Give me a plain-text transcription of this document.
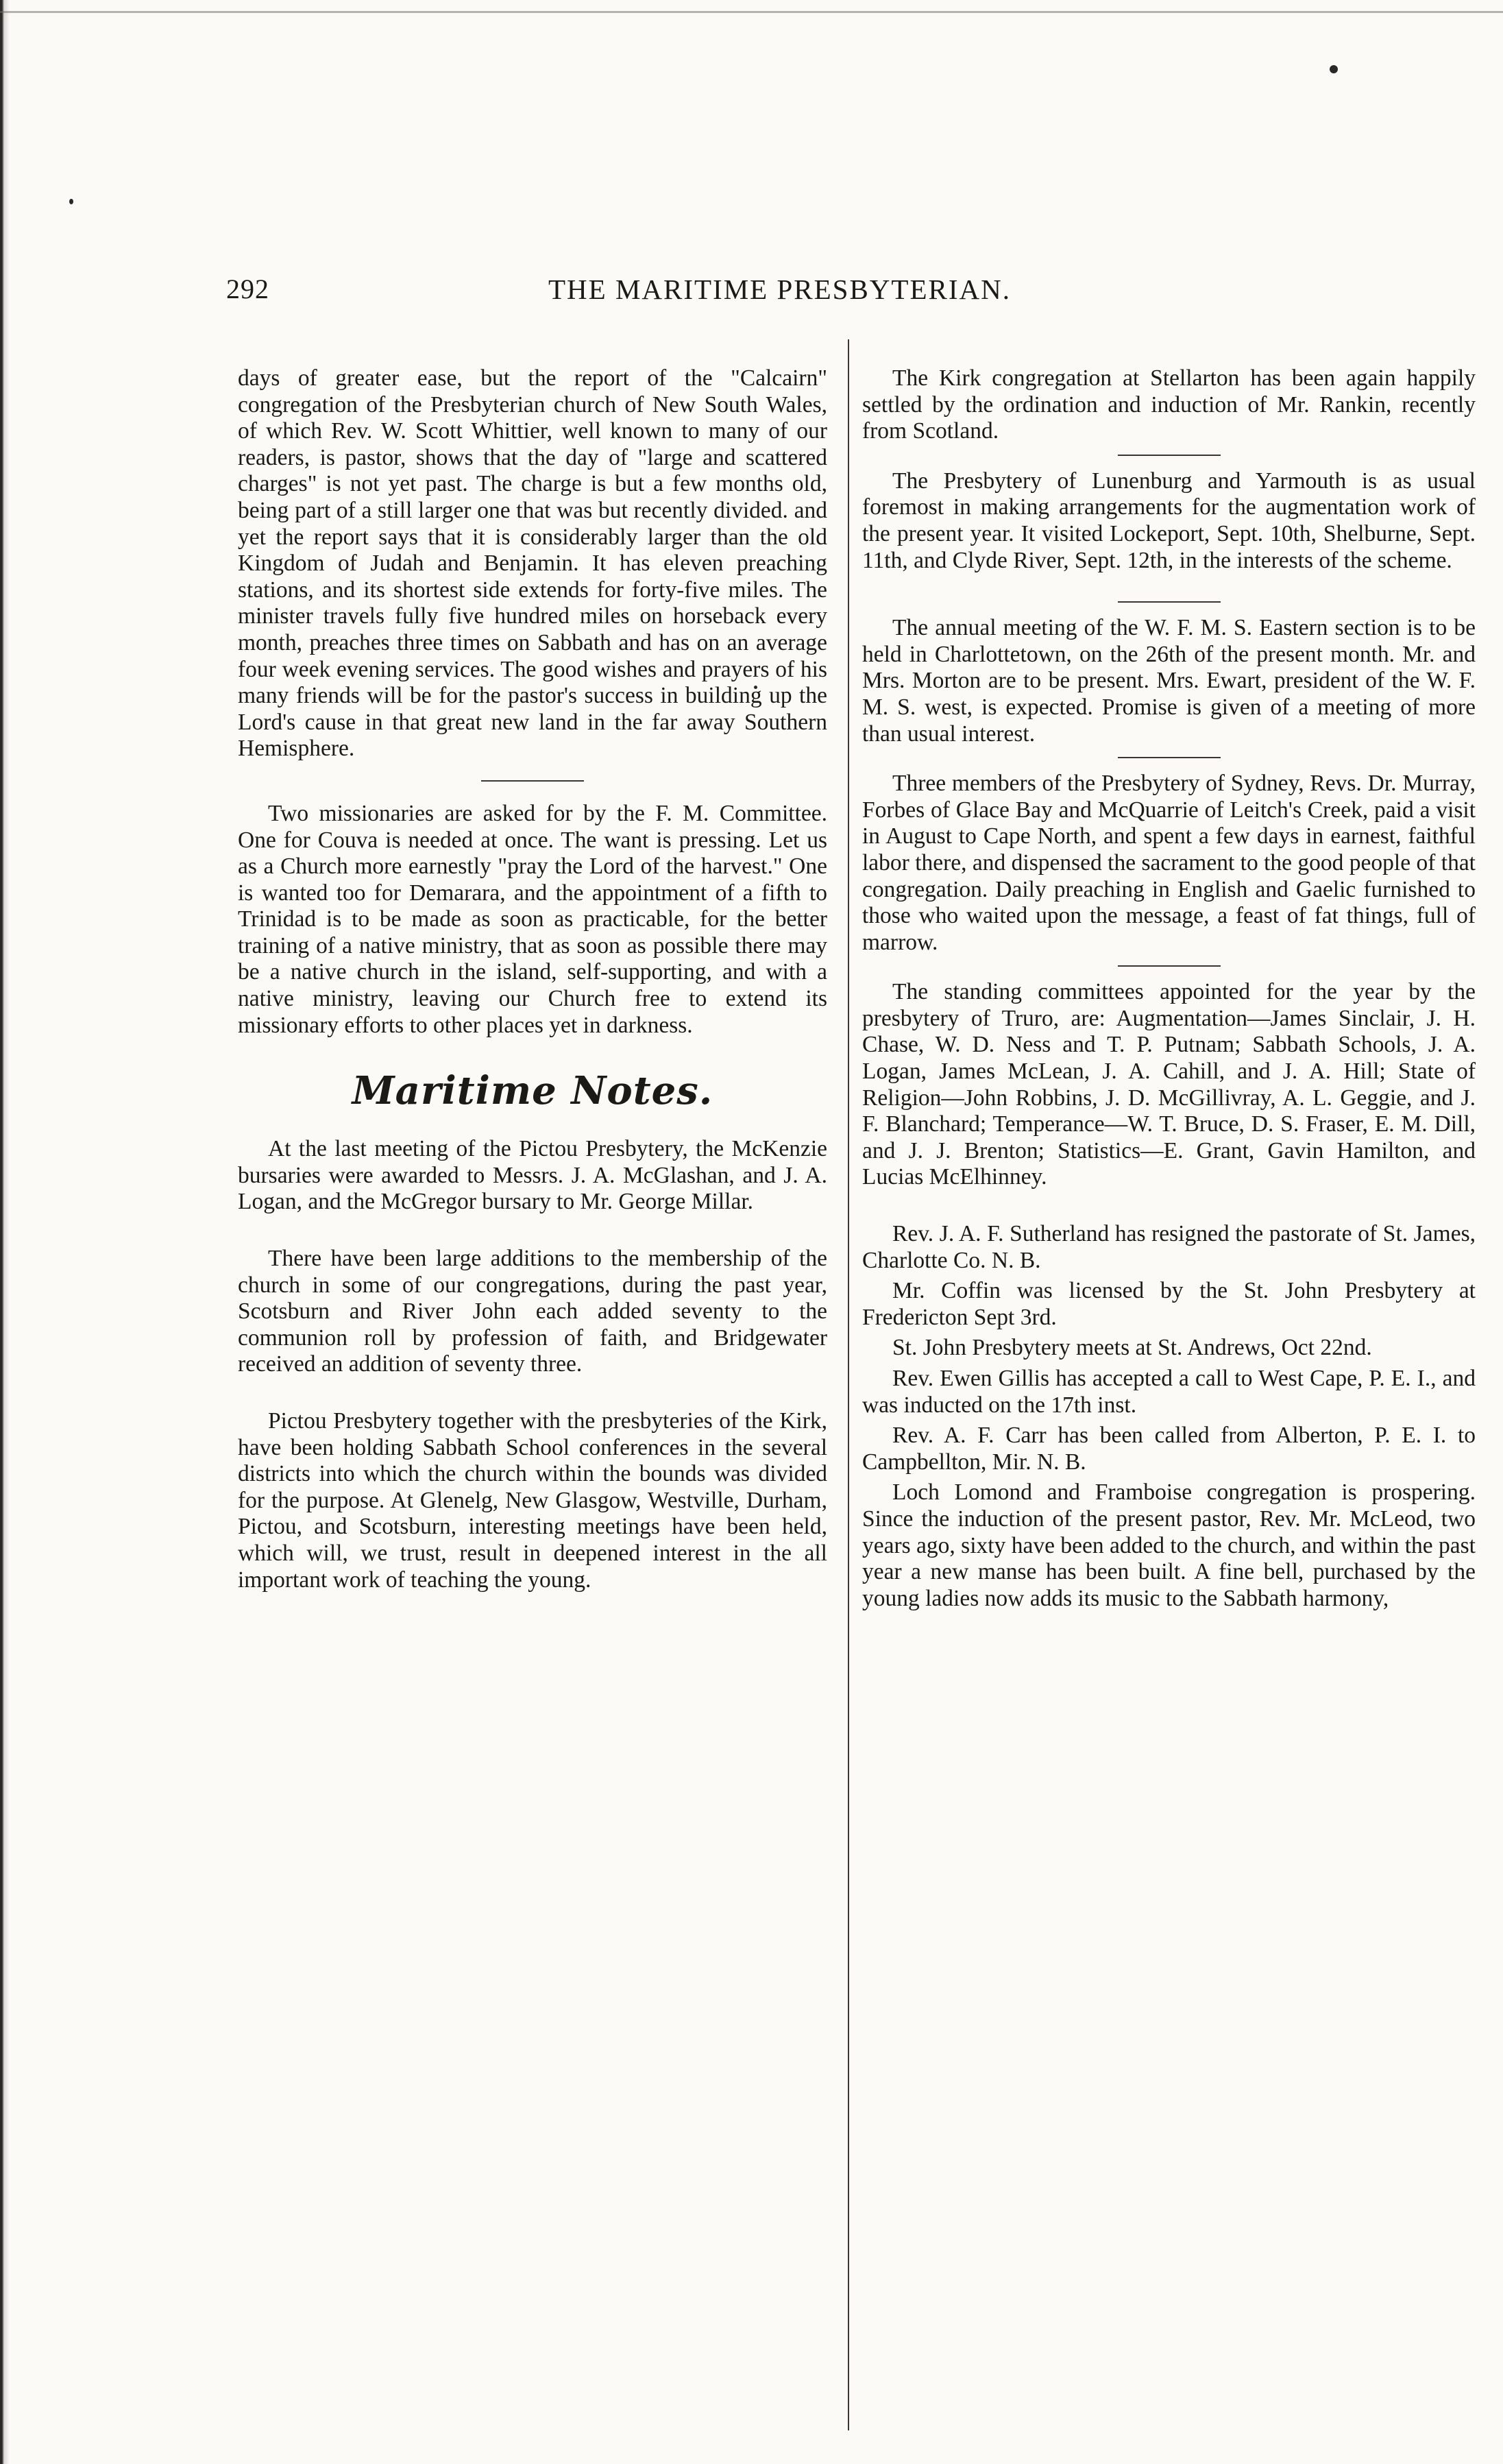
292	THE MARITIME PRESBYTERIAN.

days of greater ease, but the report of the "Calcairn" congregation of the Presbyterian church of New South Wales, of which Rev. W. Scott Whittier, well known to many of our readers, is pastor, shows that the day of "large and scattered charges" is not yet past. The charge is but a few months old, being part of a still larger one that was but recently divided. and yet the report says that it is considerably larger than the old Kingdom of Judah and Benjamin. It has eleven preaching stations, and its shortest side extends for forty-five miles. The minister travels fully five hundred miles on horseback every month, preaches three times on Sabbath and has on an average four week evening services. The good wishes and prayers of his many friends will be for the pastor's success in building up the Lord's cause in that great new land in the far away Southern Hemisphere.

Two missionaries are asked for by the F. M. Committee. One for Couva is needed at once. The want is pressing. Let us as a Church more earnestly "pray the Lord of the harvest." One is wanted too for Demarara, and the appointment of a fifth to Trinidad is to be made as soon as practicable, for the better training of a native ministry, that as soon as possible there may be a native church in the island, self-supporting, and with a native ministry, leaving our Church free to extend its missionary efforts to other places yet in darkness.

Maritime Notes.

At the last meeting of the Pictou Presbytery, the McKenzie bursaries were awarded to Messrs. J. A. McGlashan, and J. A. Logan, and the McGregor bursary to Mr. George Millar.

There have been large additions to the membership of the church in some of our congregations, during the past year, Scotsburn and River John each added seventy to the communion roll by profession of faith, and Bridgewater received an addition of seventy three.

Pictou Presbytery together with the presbyteries of the Kirk, have been holding Sabbath School conferences in the several districts into which the church within the bounds was divided for the purpose. At Glenelg, New Glasgow, Westville, Durham, Pictou, and Scotsburn, interesting meetings have been held, which will, we trust, result in deepened interest in the all important work of teaching the young.

The Kirk congregation at Stellarton has been again happily settled by the ordination and induction of Mr. Rankin, recently from Scotland.

The Presbytery of Lunenburg and Yarmouth is as usual foremost in making arrangements for the augmentation work of the present year. It visited Lockeport, Sept. 10th, Shelburne, Sept. 11th, and Clyde River, Sept. 12th, in the interests of the scheme.

The annual meeting of the W. F. M. S. Eastern section is to be held in Charlottetown, on the 26th of the present month. Mr. and Mrs. Morton are to be present. Mrs. Ewart, president of the W. F. M. S. west, is expected. Promise is given of a meeting of more than usual interest.

Three members of the Presbytery of Sydney, Revs. Dr. Murray, Forbes of Glace Bay and McQuarrie of Leitch's Creek, paid a visit in August to Cape North, and spent a few days in earnest, faithful labor there, and dispensed the sacrament to the good people of that congregation. Daily preaching in English and Gaelic furnished to those who waited upon the message, a feast of fat things, full of marrow.

The standing committees appointed for the year by the presbytery of Truro, are: Augmentation—James Sinclair, J. H. Chase, W. D. Ness and T. P. Putnam; Sabbath Schools, J. A. Logan, James McLean, J. A. Cahill, and J. A. Hill; State of Religion—John Robbins, J. D. McGillivray, A. L. Geggie, and J. F. Blanchard; Temperance—W. T. Bruce, D. S. Fraser, E. M. Dill, and J. J. Brenton; Statistics—E. Grant, Gavin Hamilton, and Lucias McElhinney.

Rev. J. A. F. Sutherland has resigned the pastorate of St. James, Charlotte Co. N. B.

Mr. Coffin was licensed by the St. John Presbytery at Fredericton Sept 3rd.

St. John Presbytery meets at St. Andrews, Oct 22nd.

Rev. Ewen Gillis has accepted a call to West Cape, P. E. I., and was inducted on the 17th inst.

Rev. A. F. Carr has been called from Alberton, P. E. I. to Campbellton, Mir. N. B.

Loch Lomond and Framboise congregation is prospering. Since the induction of the present pastor, Rev. Mr. McLeod, two years ago, sixty have been added to the church, and within the past year a new manse has been built. A fine bell, purchased by the young ladies now adds its music to the Sabbath harmony,
